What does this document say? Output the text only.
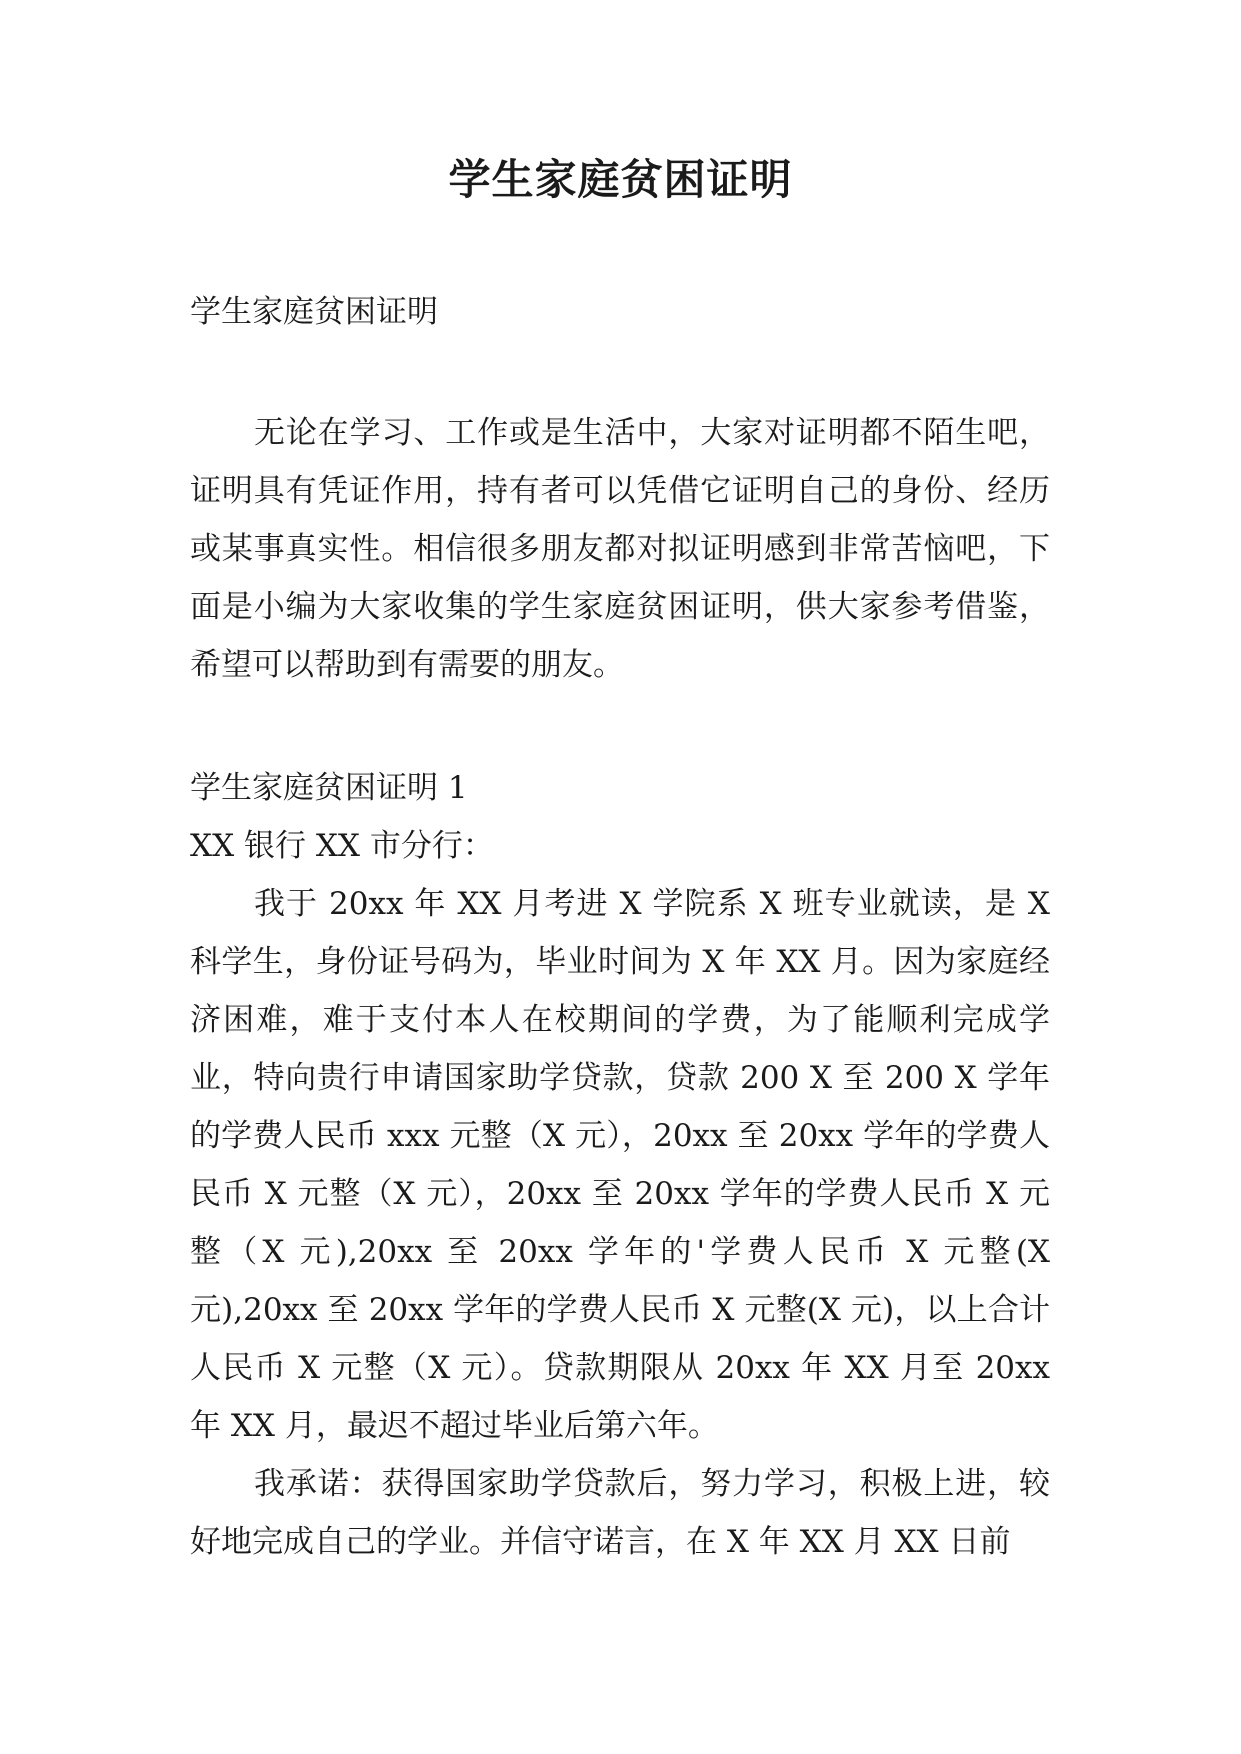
学生家庭贫困证明

学生家庭贫困证明

无论在学习、工作或是生活中，大家对证明都不陌生吧，证明具有凭证作用，持有者可以凭借它证明自己的身份、经历或某事真实性。相信很多朋友都对拟证明感到非常苦恼吧，下面是小编为大家收集的学生家庭贫困证明，供大家参考借鉴，希望可以帮助到有需要的朋友。

学生家庭贫困证明 1

XX 银行 XX 市分行：

我于 20xx 年 XX 月考进 X 学院系 X 班专业就读，是 X 科学生，身份证号码为，毕业时间为 X 年 XX 月。因为家庭经济困难，难于支付本人在校期间的学费，为了能顺利完成学业，特向贵行申请国家助学贷款，贷款 200 X 至 200 X 学年的学费人民币 xxx 元整（X 元），20xx 至 20xx 学年的学费人民币 X 元整（X 元），20xx 至 20xx 学年的学费人民币 X 元整（X 元),20xx 至 20xx 学年的'学费人民币 X 元整(X 元),20xx 至 20xx 学年的学费人民币 X 元整(X 元)，以上合计人民币 X 元整（X 元）。贷款期限从 20xx 年 XX 月至 20xx 年 XX 月，最迟不超过毕业后第六年。

我承诺：获得国家助学贷款后，努力学习，积极上进，较好地完成自己的学业。并信守诺言，在 X 年 XX 月 XX 日前
